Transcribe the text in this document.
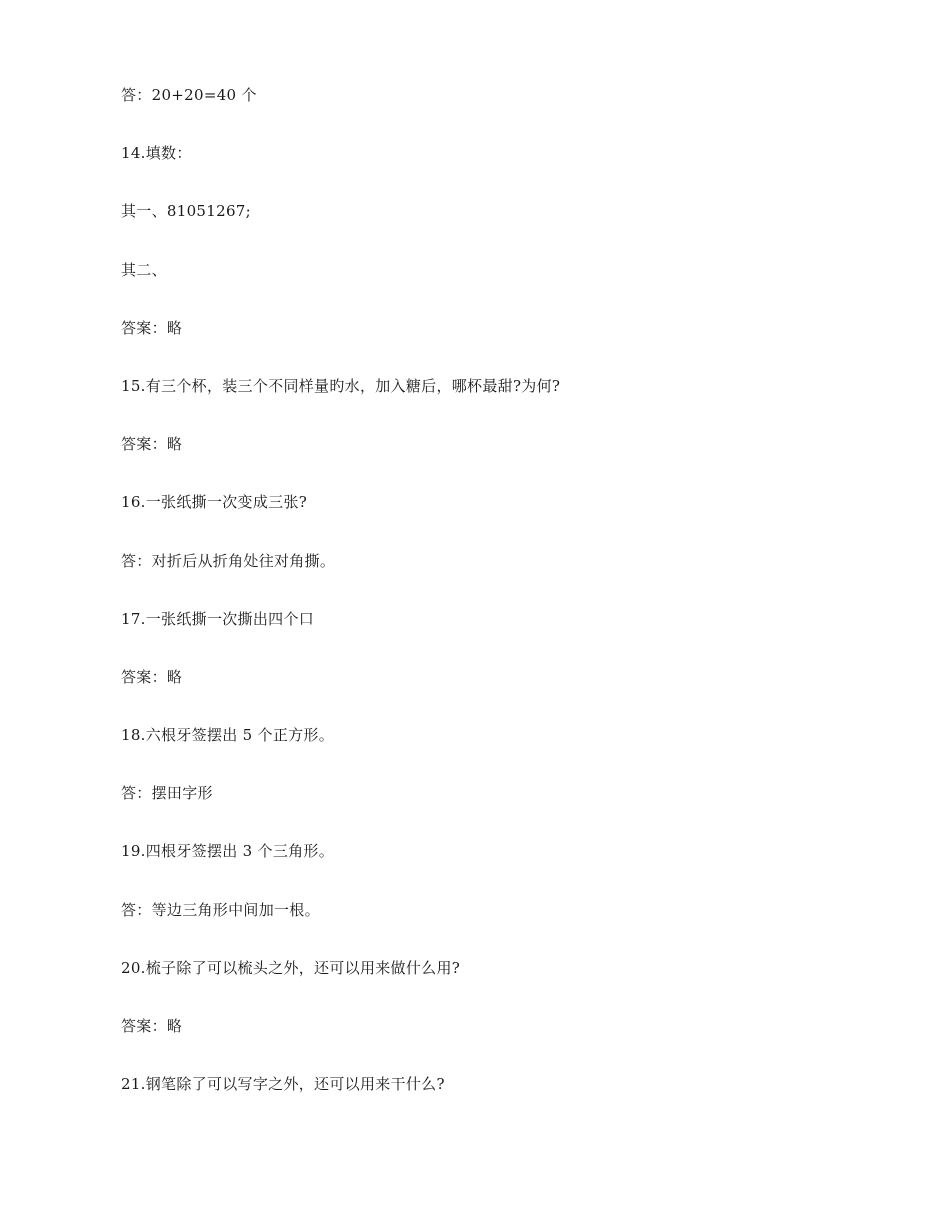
答：20+20=40 个
14.填数：
其一、81051267;
其二、
答案：略
15.有三个杯，装三个不同样量旳水，加入糖后，哪杯最甜?为何?
答案：略
16.一张纸撕一次变成三张?
答：对折后从折角处往对角撕。
17.一张纸撕一次撕出四个口
答案：略
18.六根牙签摆出 5 个正方形。
答：摆田字形
19.四根牙签摆出 3 个三角形。
答：等边三角形中间加一根。
20.梳子除了可以梳头之外，还可以用来做什么用?
答案：略
21.钢笔除了可以写字之外，还可以用来干什么?
